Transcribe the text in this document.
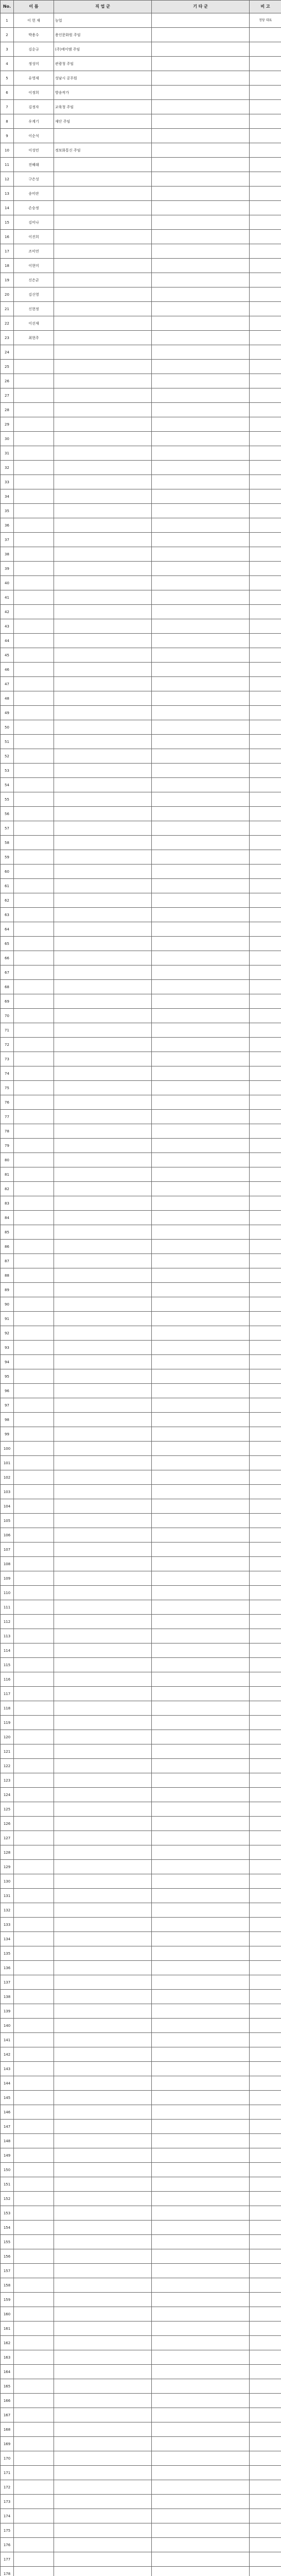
No.	이 름	직 업 군	기 타 군	비 고
1	이 헌 재	농업		정당 대표
2	박용수	용인문화원 주임		
3	김순규	(주)에이엠 주임		
4	정성미	관광청 주임		
5	유영제	성남시 공무원		
6	이정희	방송작가		
7	김정자	교육청 주임		
8	우계기	재단 주임		
9	이순석			
10	이성민	정보화통신 주임		
11	전혜래			
12	구은성			
13	송미란			
14	손승정			
15	김미나			
16	이진희			
17	조미연			
18	이현미			
19	신은균			
20	김신영			
21	신현정			
22	이선재			
23	최현주			
24				
25				
26				
27				
28				
29				
30				
31				
32				
33				
34				
35				
36				
37				
38				
39				
40				
41				
42				
43				
44				
45				
46				
47				
48				
49				
50				
51				
52				
53				
54				
55				
56				
57				
58				
59				
60				
61				
62				
63				
64				
65				
66				
67				
68				
69				
70				
71				
72				
73				
74				
75				
76				
77				
78				
79				
80				
81				
82				
83				
84				
85				
86				
87				
88				
89				
90				
91				
92				
93				
94				
95				
96				
97				
98				
99				
100				
101				
102				
103				
104				
105				
106				
107				
108				
109				
110				
111				
112				
113				
114				
115				
116				
117				
118				
119				
120				
121				
122				
123				
124				
125				
126				
127				
128				
129				
130				
131				
132				
133				
134				
135				
136				
137				
138				
139				
140				
141				
142				
143				
144				
145				
146				
147				
148				
149				
150				
151				
152				
153				
154				
155				
156				
157				
158				
159				
160				
161				
162				
163				
164				
165				
166				
167				
168				
169				
170				
171				
172				
173				
174				
175				
176				
177				
178				
